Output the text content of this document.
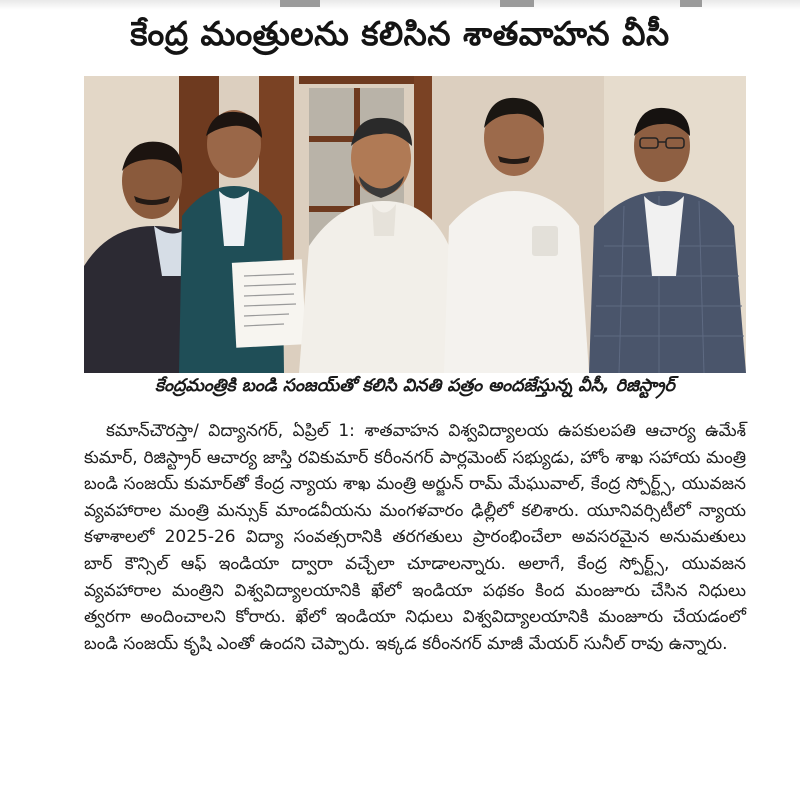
కేంద్ర మంత్రులను కలిసిన శాతవాహన వీసీ
కేంద్రమంత్రికి బండి సంజయ్‌తో కలిసి వినతి పత్రం అందజేస్తున్న వీసీ, రిజిస్ట్రార్

కమాన్‌చౌరస్తా/ విద్యానగర్, ఏప్రిల్ 1: శాతవాహన విశ్వవిద్యాలయ ఉపకులపతి ఆచార్య ఉమేశ్ కుమార్, రిజిస్ట్రార్ ఆచార్య జాస్తి రవికుమార్ కరీంనగర్ పార్లమెంట్ సభ్యుడు, హోం శాఖ సహాయ మంత్రి బండి సంజయ్ కుమార్‌తో కేంద్ర న్యాయ శాఖ మంత్రి అర్జున్ రామ్ మేఘువాల్, కేంద్ర స్పోర్ట్స్, యువజన వ్యవహారాల మంత్రి మన్సుక్ మాండవీయను మంగళవారం ఢిల్లీలో కలిశారు. యూనివర్సిటీలో న్యాయ కళాశాలలో 2025-26 విద్యా సంవత్సరానికి తరగతులు ప్రారంభించేలా అవసరమైన అనుమతులు బార్ కౌన్సిల్ ఆఫ్ ఇండియా ద్వారా వచ్చేలా చూడాలన్నారు. అలాగే, కేంద్ర స్పోర్ట్స్, యువజన వ్యవహారాల మంత్రిని విశ్వవిద్యాలయానికి ఖేలో ఇండియా పథకం కింద మంజూరు చేసిన నిధులు త్వరగా అందించాలని కోరారు. ఖేలో ఇండియా నిధులు విశ్వవిద్యాలయానికి మంజూరు చేయడంలో బండి సంజయ్ కృషి ఎంతో ఉందని చెప్పారు. ఇక్కడ కరీంనగర్ మాజీ మేయర్ సునీల్ రావు ఉన్నారు.
